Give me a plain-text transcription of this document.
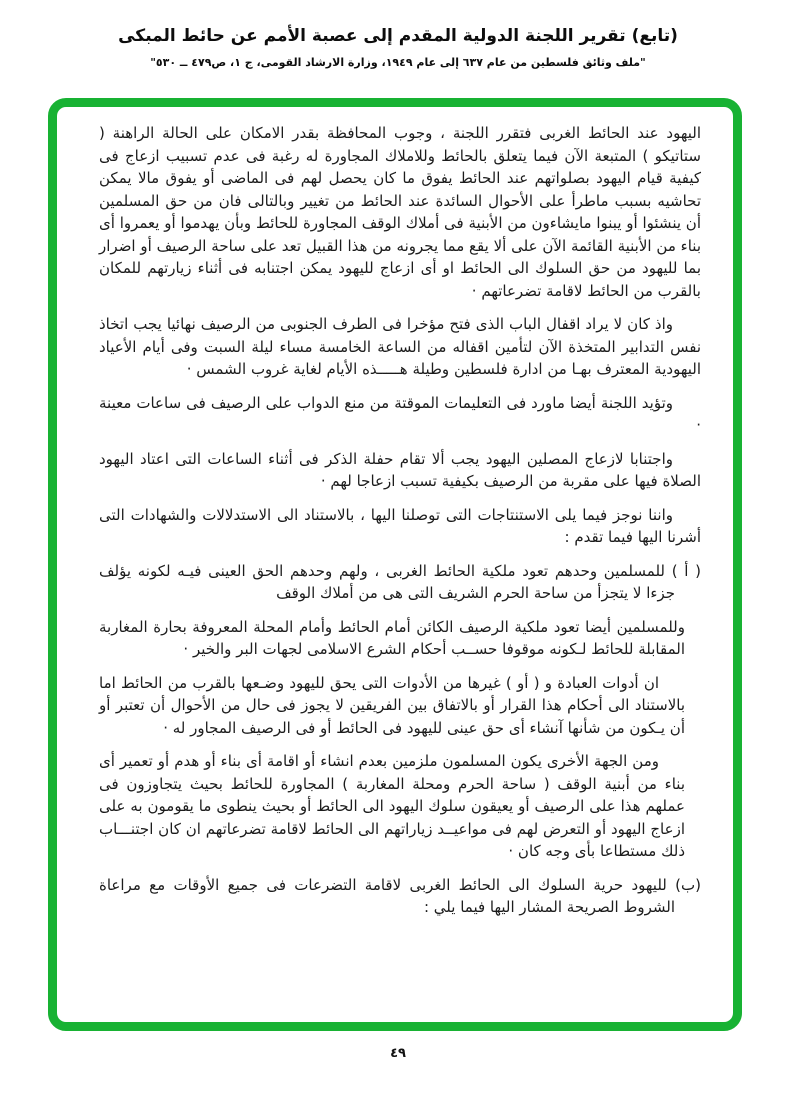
(تابع) تقرير اللجنة الدولية المقدم إلى عصبة الأمم عن حائط المبكى
"ملف وثائق فلسطين من عام ٦٣٧ إلى عام ١٩٤٩، وزارة الارشاد القومى، ج ١، ص٤٧٩ ــ ٥٣٠"

اليهود عند الحائط الغربى فتقرر اللجنة ، وجوب المحافظة بقدر الامكان على الحالة الراهنة ( ستاتيكو ) المتبعة الآن فيما يتعلق بالحائط وللاملاك المجاورة له رغبة فى عدم تسبيب ازعاج فى كيفية قيام اليهود بصلواتهم عند الحائط يفوق ما كان يحصل لهم فى الماضى أو يفوق مالا يمكن تحاشيه بسبب ماطرأ على الأحوال السائدة عند الحائط من تغيير وبالتالى فان من حق المسلمين أن ينشئوا أو يبنوا مايشاءون من الأبنية فى أملاك الوقف المجاورة للحائط وبأن يهدموا أو يعمروا أى بناء من الأبنية القائمة الآن على ألا يقع مما يجرونه من هذا القبيل تعد على ساحة الرصيف أو اضرار بما لليهود من حق السلوك الى الحائط او أى ازعاج لليهود يمكن اجتنابه فى أثناء زيارتهم للمكان بالقرب من الحائط لاقامة تضرعاتهم ·

واذ كان لا يراد اقفال الباب الذى فتح مؤخرا فى الطرف الجنوبى من الرصيف نهائيا يجب اتخاذ نفس التدابير المتخذة الآن لتأمين اقفاله من الساعة الخامسة مساء ليلة السبت وفى أيام الأعياد اليهودية المعترف بهـا من ادارة فلسطين وطيلة هـــــذه الأيام لغاية غروب الشمس ·

وتؤيد اللجنة أيضا ماورد فى التعليمات الموقتة من منع الدواب على الرصيف فى ساعات معينة ·

واجتنابا لازعاج المصلين اليهود يجب ألا تقام حفلة الذكر فى أثناء الساعات التى اعتاد اليهود الصلاة فيها على مقربة من الرصيف بكيفية تسبب ازعاجا لهم ·

واننا نوجز فيما يلى الاستنتاجات التى توصلنا اليها ، بالاستناد الى الاستدلالات والشهادات التى أشرنا اليها فيما تقدم :

( أ ) للمسلمين وحدهم تعود ملكية الحائط الغربى ، ولهم وحدهم الحق العينى فيـه لكونه يؤلف جزءا لا يتجزأ من ساحة الحرم الشريف التى هى من أملاك الوقف

وللمسلمين أيضا تعود ملكية الرصيف الكائن أمام الحائط وأمام المحلة المعروفة بحارة المغاربة المقابلة للحائط لـكونه موقوفا حســب أحكام الشرع الاسلامى لجهات البر والخير ·

ان أدوات العبادة و ( أو ) غيرها من الأدوات التى يحق لليهود وضـعها بالقرب من الحائط اما بالاستناد الى أحكام هذا القرار أو بالاتفاق بين الفريقين لا يجوز فى حال من الأحوال أن تعتبر أو أن يـكون من شأنها آنشاء أى حق عينى لليهود فى الحائط أو فى الرصيف المجاور له ·

ومن الجهة الأخرى يكون المسلمون ملزمين بعدم انشاء أو اقامة أى بناء أو هدم أو تعمير أى بناء من أبنية الوقف ( ساحة الحرم ومحلة المغاربة ) المجاورة للحائط بحيث يتجاوزون فى عملهم هذا على الرصيف أو يعيقون سلوك اليهود الى الحائط أو بحيث ينطوى ما يقومون به على ازعاج اليهود أو التعرض لهم فى مواعيــد زياراتهم الى الحائط لاقامة تضرعاتهم ان كان اجتنـــاب ذلك مستطاعا بأى وجه كان ·

(ب) لليهود حرية السلوك الى الحائط الغربى لاقامة التضرعات فى جميع الأوقات مع مراعاة الشروط الصريحة المشار اليها فيما يلي :

٤٩
